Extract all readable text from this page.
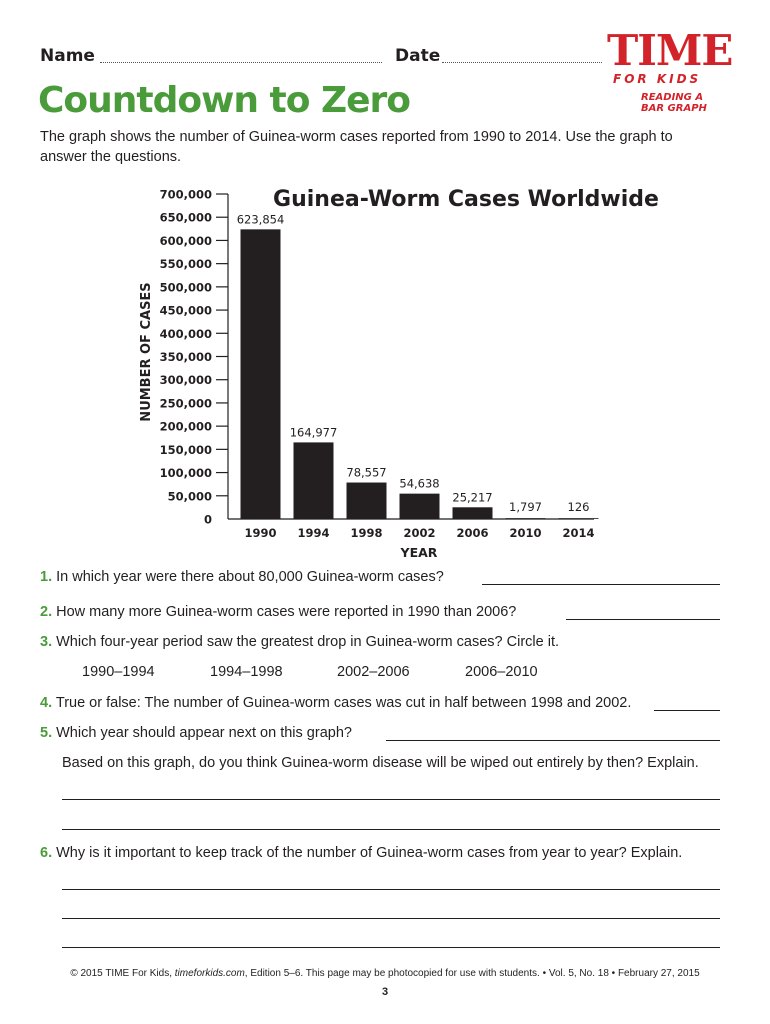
Name	Date	TIME
FOR KIDS
READING A
BAR GRAPH
Countdown to Zero
The graph shows the number of Guinea-worm cases reported from 1990 to 2014. Use the graph to
answer the questions.
Guinea-Worm Cases Worldwide
NUMBER OF CASES
YEAR
0
50,000
100,000
150,000
200,000
250,000
300,000
350,000
400,000
450,000
500,000
550,000
600,000
650,000
700,000
623,854
1990
164,977
1994
78,557
1998
54,638
2002
25,217
2006
1,797
2010
126
2014
1. In which year were there about 80,000 Guinea-worm cases?
2. How many more Guinea-worm cases were reported in 1990 than 2006?
3. Which four-year period saw the greatest drop in Guinea-worm cases? Circle it.
1990–1994	1994–1998	2002–2006	2006–2010
4. True or false: The number of Guinea-worm cases was cut in half between 1998 and 2002.
5. Which year should appear next on this graph?
Based on this graph, do you think Guinea-worm disease will be wiped out entirely by then? Explain.
6. Why is it important to keep track of the number of Guinea-worm cases from year to year? Explain.
© 2015 TIME For Kids, timeforkids.com, Edition 5–6. This page may be photocopied for use with students. • Vol. 5, No. 18 • February 27, 2015
3
